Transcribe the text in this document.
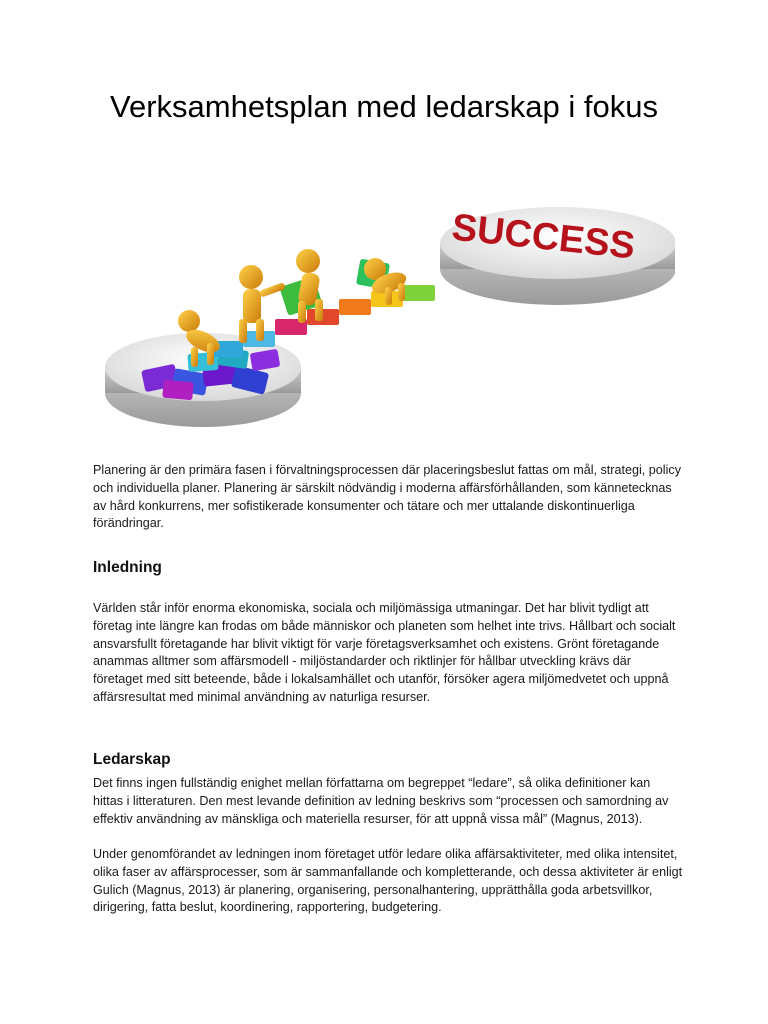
Verksamhetsplan med ledarskap i fokus
SUCCESS

Planering är den primära fasen i förvaltningsprocessen där placeringsbeslut fattas om mål, strategi, policy och individuella planer. Planering är särskilt nödvändig i moderna affärsförhållanden, som kännetecknas av hård konkurrens, mer sofistikerade konsumenter och tätare och mer uttalande diskontinuerliga förändringar.

Inledning

Världen står inför enorma ekonomiska, sociala och miljömässiga utmaningar. Det har blivit tydligt att företag inte längre kan frodas om både människor och planeten som helhet inte trivs. Hållbart och socialt ansvarsfullt företagande har blivit viktigt för varje företagsverksamhet och existens. Grönt företagande anammas alltmer som affärsmodell - miljöstandarder och riktlinjer för hållbar utveckling krävs där företaget med sitt beteende, både i lokalsamhället och utanför, försöker agera miljömedvetet och uppnå affärsresultat med minimal användning av naturliga resurser.

Ledarskap

Det finns ingen fullständig enighet mellan författarna om begreppet “ledare”, så olika definitioner kan hittas i litteraturen. Den mest levande definition av ledning beskrivs som “processen och samordning av effektiv användning av mänskliga och materiella resurser, för att uppnå vissa mål” (Magnus, 2013).

Under genomförandet av ledningen inom företaget utför ledare olika affärsaktiviteter, med olika intensitet, olika faser av affärsprocesser, som är sammanfallande och kompletterande, och dessa aktiviteter är enligt Gulich (Magnus, 2013) är planering, organisering, personalhantering, upprätthålla goda arbetsvillkor, dirigering, fatta beslut, koordinering, rapportering, budgetering.
